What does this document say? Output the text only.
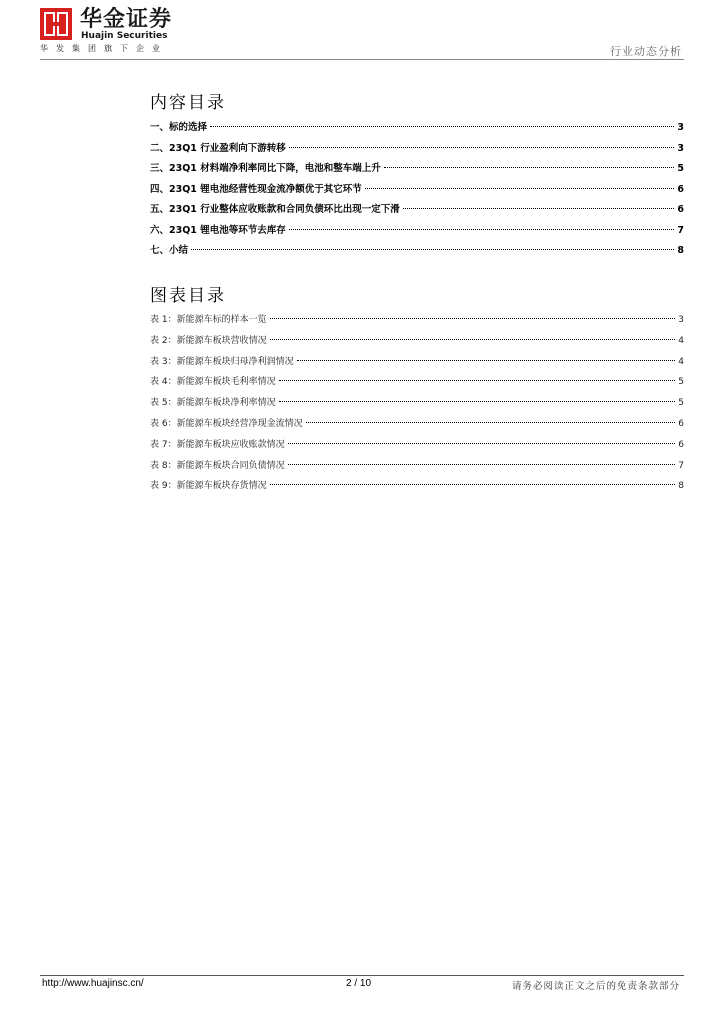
华金证券
Huajin Securities
华发集团旗下企业	行业动态分析
内容目录
一、标的选择	3
二、23Q1 行业盈利向下游转移	3
三、23Q1 材料端净利率同比下降，电池和整车端上升	5
四、23Q1 锂电池经营性现金流净额优于其它环节	6
五、23Q1 行业整体应收账款和合同负债环比出现一定下滑	6
六、23Q1 锂电池等环节去库存	7
七、小结	8
图表目录
表 1：新能源车标的样本一览	3
表 2：新能源车板块营收情况	4
表 3：新能源车板块归母净利润情况	4
表 4：新能源车板块毛利率情况	5
表 5：新能源车板块净利率情况	5
表 6：新能源车板块经营净现金流情况	6
表 7：新能源车板块应收账款情况	6
表 8：新能源车板块合同负债情况	7
表 9：新能源车板块存货情况	8
http://www.huajinsc.cn/	2 / 10	请务必阅读正文之后的免责条款部分
